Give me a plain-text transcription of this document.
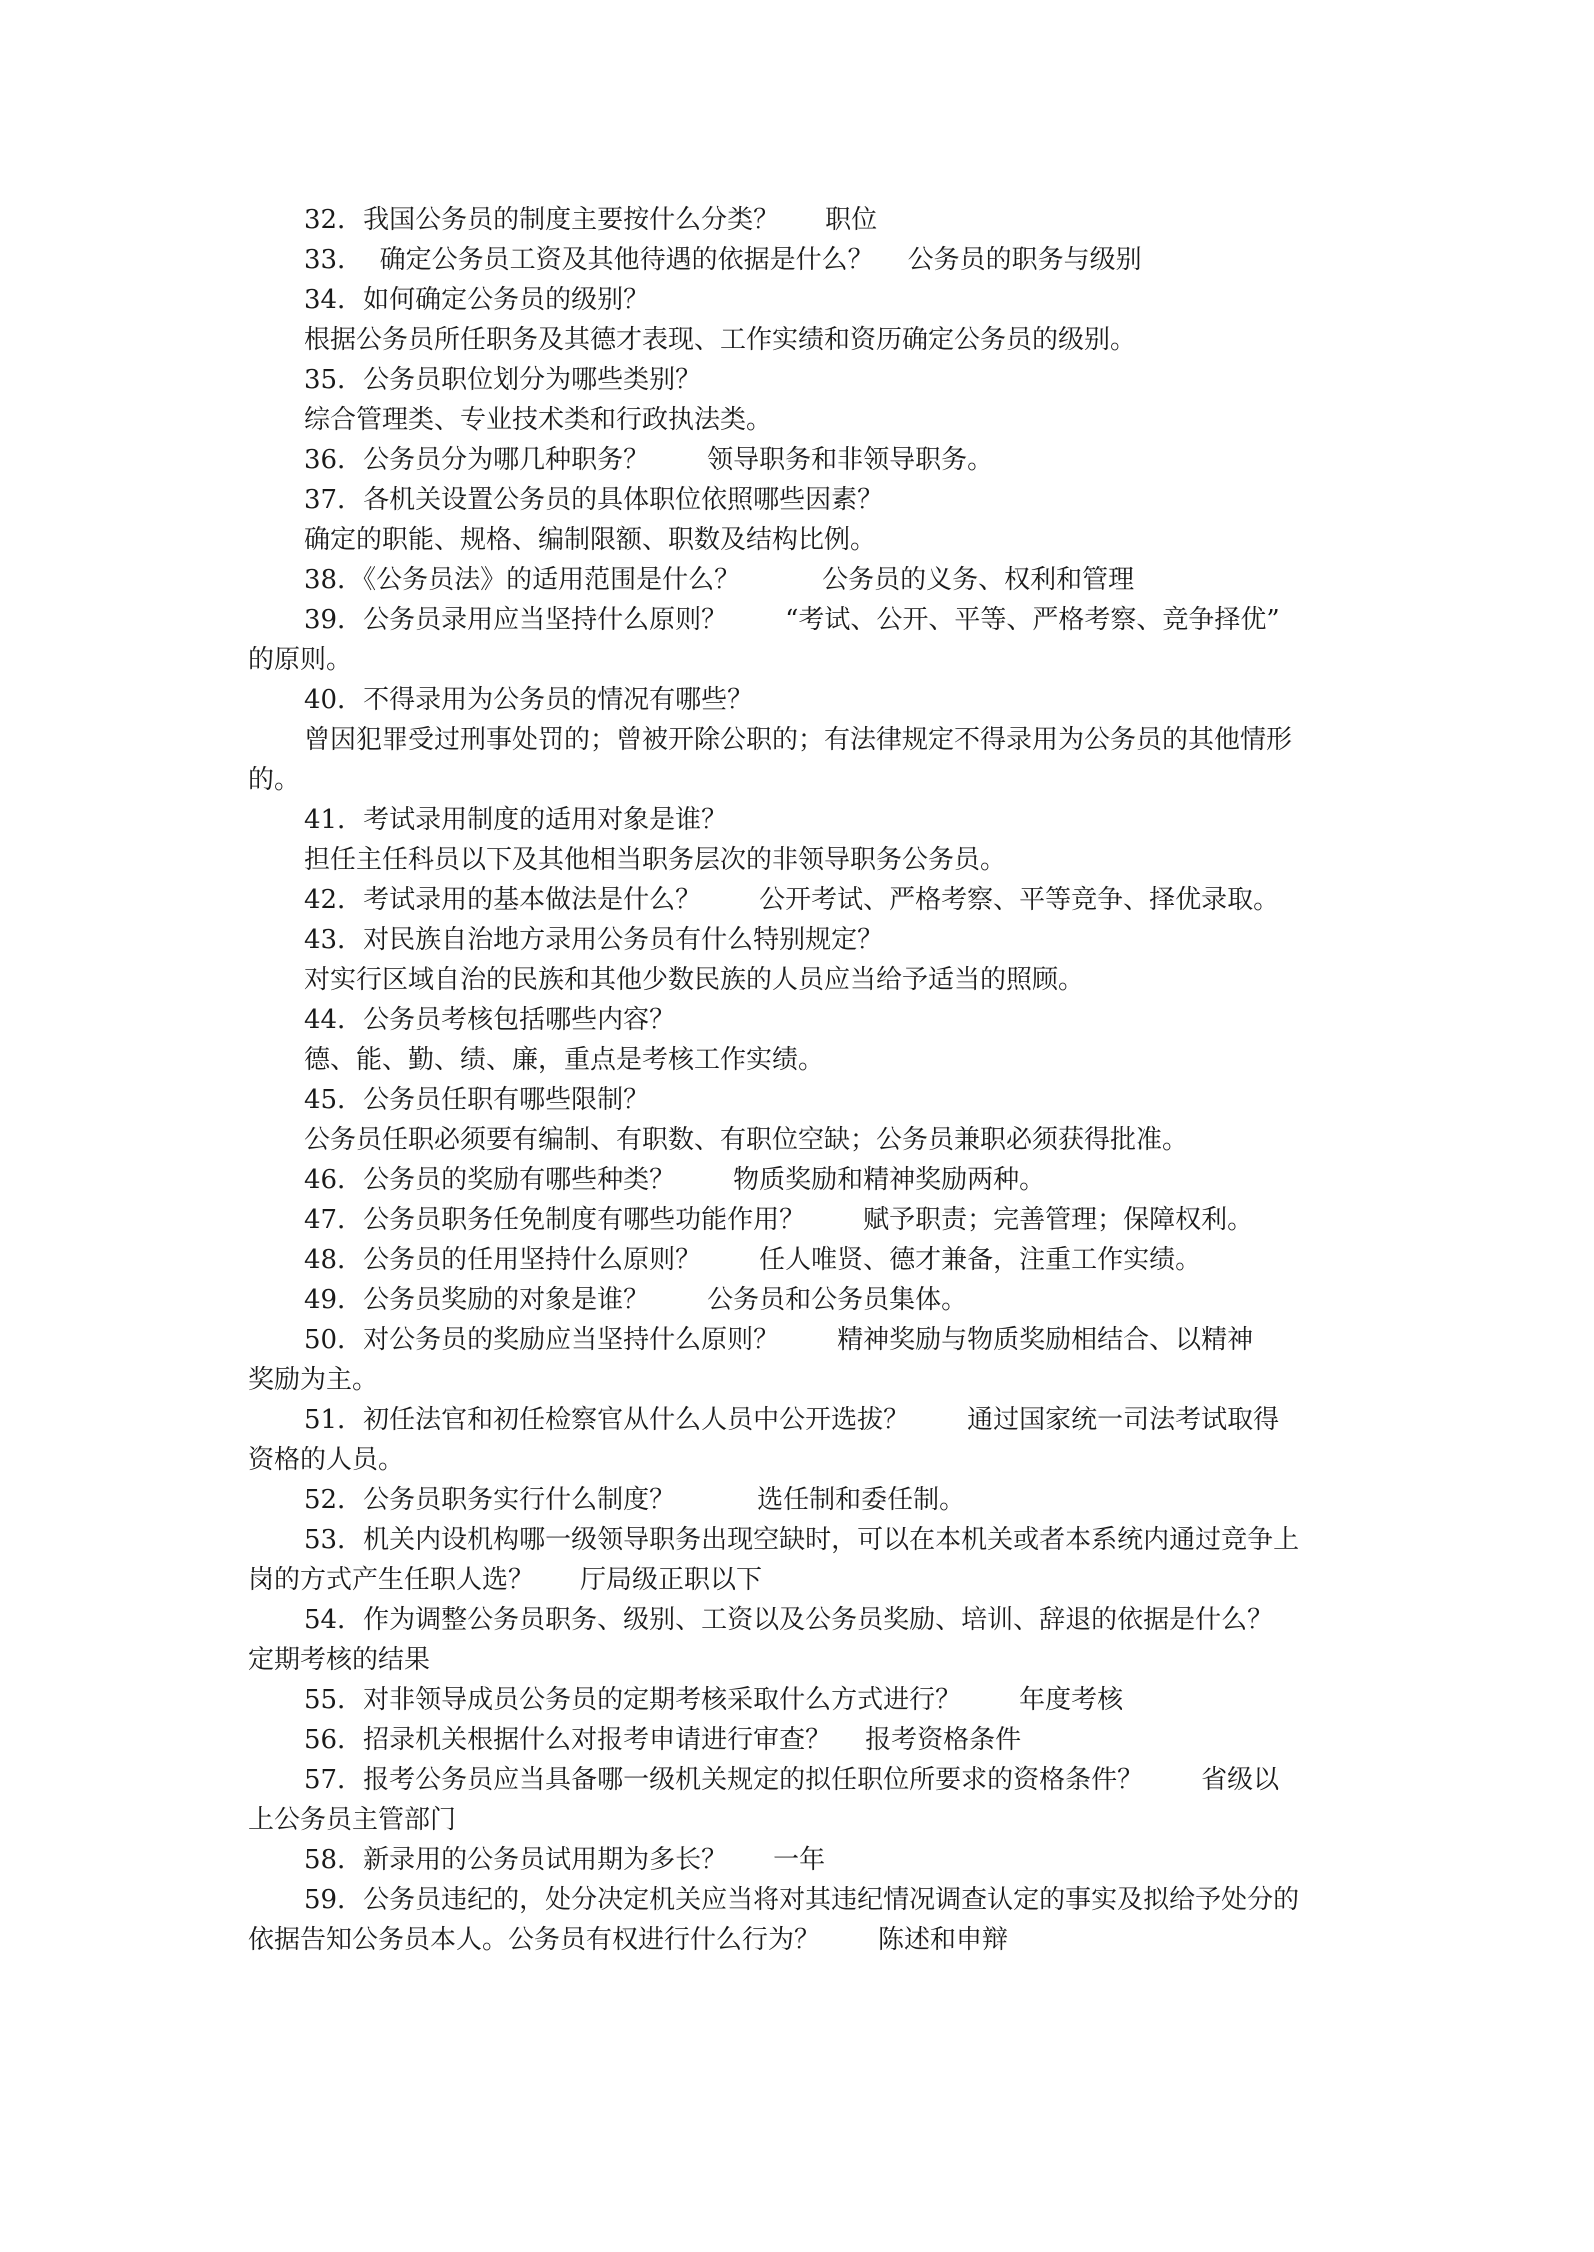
32．我国公务员的制度主要按什么分类？ 职位
33．  确定公务员工资及其他待遇的依据是什么？ 公务员的职务与级别
34．如何确定公务员的级别？
根据公务员所任职务及其德才表现、工作实绩和资历确定公务员的级别。
35．公务员职位划分为哪些类别？
综合管理类、专业技术类和行政执法类。
36．公务员分为哪几种职务？ 领导职务和非领导职务。
37．各机关设置公务员的具体职位依照哪些因素？
确定的职能、规格、编制限额、职数及结构比例。
38．《公务员法》的适用范围是什么？	公务员的义务、权利和管理
39．公务员录用应当坚持什么原则？ “考试、公开、平等、严格考察、竞争择优”
的原则。
40．不得录用为公务员的情况有哪些？
曾因犯罪受过刑事处罚的；曾被开除公职的；有法律规定不得录用为公务员的其他情形
的。
41．考试录用制度的适用对象是谁？
担任主任科员以下及其他相当职务层次的非领导职务公务员。
42．考试录用的基本做法是什么？ 公开考试、严格考察、平等竞争、择优录取。
43．对民族自治地方录用公务员有什么特别规定？
对实行区域自治的民族和其他少数民族的人员应当给予适当的照顾。
44．公务员考核包括哪些内容？
德、能、勤、绩、廉，重点是考核工作实绩。
45．公务员任职有哪些限制？
公务员任职必须要有编制、有职数、有职位空缺；公务员兼职必须获得批准。
46．公务员的奖励有哪些种类？ 物质奖励和精神奖励两种。
47．公务员职务任免制度有哪些功能作用？ 赋予职责；完善管理；保障权利。
48．公务员的任用坚持什么原则？ 任人唯贤、德才兼备，注重工作实绩。
49．公务员奖励的对象是谁？ 公务员和公务员集体。
50．对公务员的奖励应当坚持什么原则？ 精神奖励与物质奖励相结合、以精神
奖励为主。
51．初任法官和初任检察官从什么人员中公开选拔？ 通过国家统一司法考试取得
资格的人员。
52．公务员职务实行什么制度？	选任制和委任制。
53．机关内设机构哪一级领导职务出现空缺时，可以在本机关或者本系统内通过竞争上
岗的方式产生任职人选？ 厅局级正职以下
54．作为调整公务员职务、级别、工资以及公务员奖励、培训、辞退的依据是什么？
定期考核的结果
55．对非领导成员公务员的定期考核采取什么方式进行？ 年度考核
56．招录机关根据什么对报考申请进行审查？ 报考资格条件
57．报考公务员应当具备哪一级机关规定的拟任职位所要求的资格条件？ 省级以
上公务员主管部门
58．新录用的公务员试用期为多长？ 一年
59．公务员违纪的，处分决定机关应当将对其违纪情况调查认定的事实及拟给予处分的
依据告知公务员本人。公务员有权进行什么行为？ 陈述和申辩
